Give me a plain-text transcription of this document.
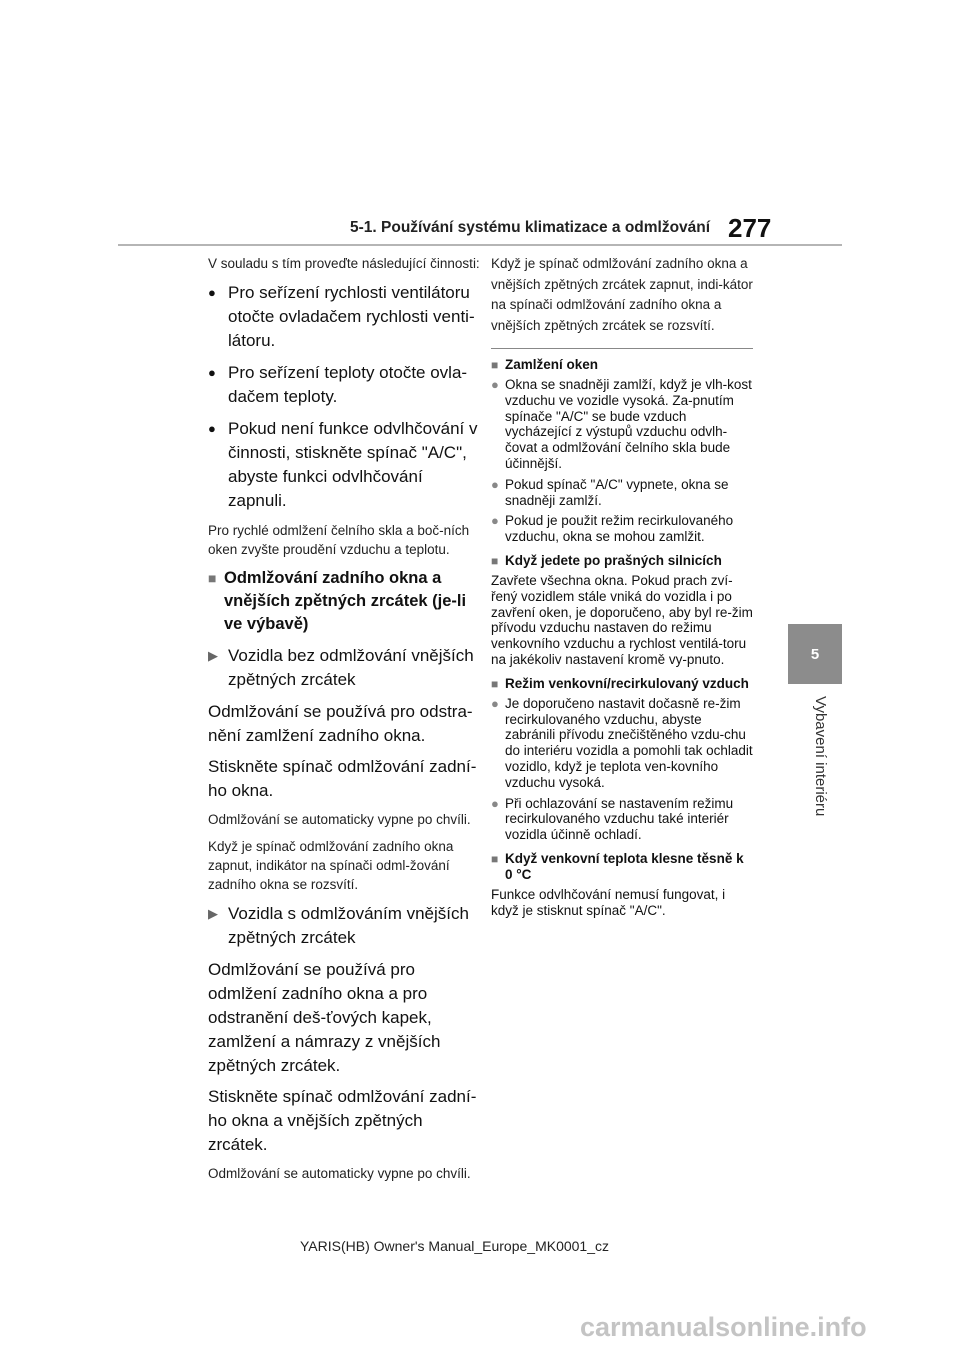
5-1. Používání systému klimatizace a odmlžování 277
5
Vybavení interiéru

V souladu s tím proveďte následující činnosti:

● Pro seřízení rychlosti ventilátoru otočte ovladačem rychlosti venti-látoru.
● Pro seřízení teploty otočte ovla-dačem teploty.
● Pokud není funkce odvlhčování v činnosti, stiskněte spínač "A/C", abyste funkci odvlhčování zapnuli.

Pro rychlé odmlžení čelního skla a boč-ních oken zvyšte proudění vzduchu a teplotu.

■ Odmlžování zadního okna a vnějších zpětných zrcátek (je-li ve výbavě)
▶ Vozidla bez odmlžování vnějších zpětných zrcátek

Odmlžování se používá pro odstra-nění zamlžení zadního okna.

Stiskněte spínač odmlžování zadní-ho okna.

Odmlžování se automaticky vypne po chvíli.

Když je spínač odmlžování zadního okna zapnut, indikátor na spínači odml-žování zadního okna se rozsvítí.

▶ Vozidla s odmlžováním vnějších zpětných zrcátek

Odmlžování se používá pro odmlžení zadního okna a pro odstranění deš-ťových kapek, zamlžení a námrazy z vnějších zpětných zrcátek.

Stiskněte spínač odmlžování zadní-ho okna a vnějších zpětných zrcátek.

Odmlžování se automaticky vypne po chvíli.

Když je spínač odmlžování zadního okna a vnějších zpětných zrcátek zapnut, indi-kátor na spínači odmlžování zadního okna a vnějších zpětných zrcátek se rozsvítí.

■ Zamlžení oken
● Okna se snadněji zamlží, když je vlh-kost vzduchu ve vozidle vysoká. Za-pnutím spínače "A/C" se bude vzduch vycházející z výstupů vzduchu odvlh-čovat a odmlžování čelního skla bude účinnější.
● Pokud spínač "A/C" vypnete, okna se snadněji zamlží.
● Pokud je použit režim recirkulovaného vzduchu, okna se mohou zamlžit.
■ Když jedete po prašných silnicích

Zavřete všechna okna. Pokud prach zví-řený vozidlem stále vniká do vozidla i po zavření oken, je doporučeno, aby byl re-žim přívodu vzduchu nastaven do režimu venkovního vzduchu a rychlost ventilá-toru na jakékoliv nastavení kromě vy-pnuto.

■ Režim venkovní/recirkulovaný vzduch
● Je doporučeno nastavit dočasně re-žim recirkulovaného vzduchu, abyste zabránili přívodu znečištěného vzdu-chu do interiéru vozidla a pomohli tak ochladit vozidlo, když je teplota ven-kovního vzduchu vysoká.
● Při ochlazování se nastavením režimu recirkulovaného vzduchu také interiér vozidla účinně ochladí.
■ Když venkovní teplota klesne těsně k 0 °C

Funkce odvlhčování nemusí fungovat, i když je stisknut spínač "A/C".

YARIS(HB) Owner's Manual_Europe_MK0001_cz
carmanualsonline.info
